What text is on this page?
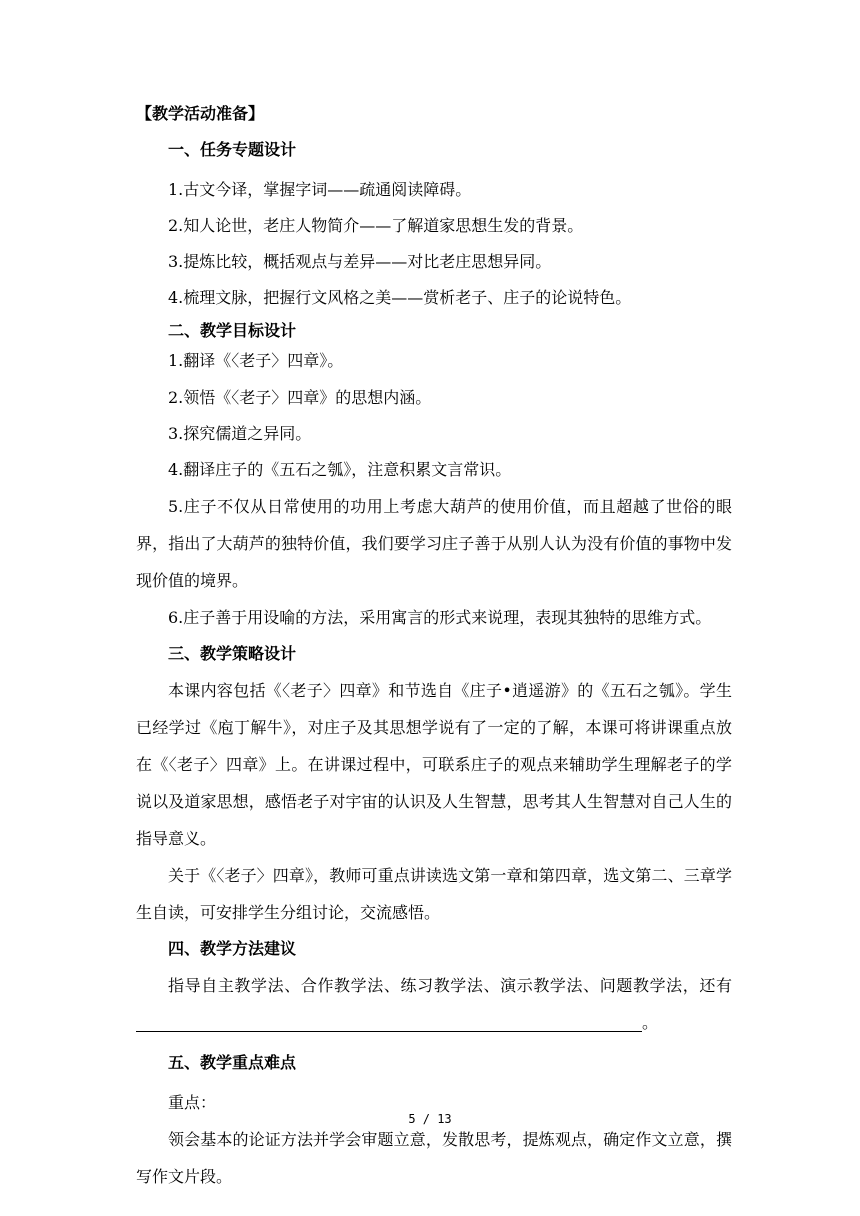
【教学活动准备】
一、任务专题设计
1.古文今译，掌握字词——疏通阅读障碍。
2.知人论世，老庄人物简介——了解道家思想生发的背景。
3.提炼比较，概括观点与差异——对比老庄思想异同。
4.梳理文脉，把握行文风格之美——赏析老子、庄子的论说特色。
二、教学目标设计
1.翻译《〈老子〉四章》。
2.领悟《〈老子〉四章》的思想内涵。
3.探究儒道之异同。
4.翻译庄子的《五石之瓠》，注意积累文言常识。
5.庄子不仅从日常使用的功用上考虑大葫芦的使用价值，而且超越了世俗的眼界，指出了大葫芦的独特价值，我们要学习庄子善于从别人认为没有价值的事物中发现价值的境界。
6.庄子善于用设喻的方法，采用寓言的形式来说理，表现其独特的思维方式。
三、教学策略设计
本课内容包括《〈老子〉四章》和节选自《庄子•逍遥游》的《五石之瓠》。学生已经学过《庖丁解牛》，对庄子及其思想学说有了一定的了解，本课可将讲课重点放在《〈老子〉四章》上。在讲课过程中，可联系庄子的观点来辅助学生理解老子的学说以及道家思想，感悟老子对宇宙的认识及人生智慧，思考其人生智慧对自己人生的指导意义。
关于《〈老子〉四章》，教师可重点讲读选文第一章和第四章，选文第二、三章学生自读，可安排学生分组讨论，交流感悟。
四、教学方法建议
指导自主教学法、合作教学法、练习教学法、演示教学法、问题教学法，还有。
五、教学重点难点
重点：
领会基本的论证方法并学会审题立意，发散思考，提炼观点，确定作文立意，撰写作文片段。
5 / 13
